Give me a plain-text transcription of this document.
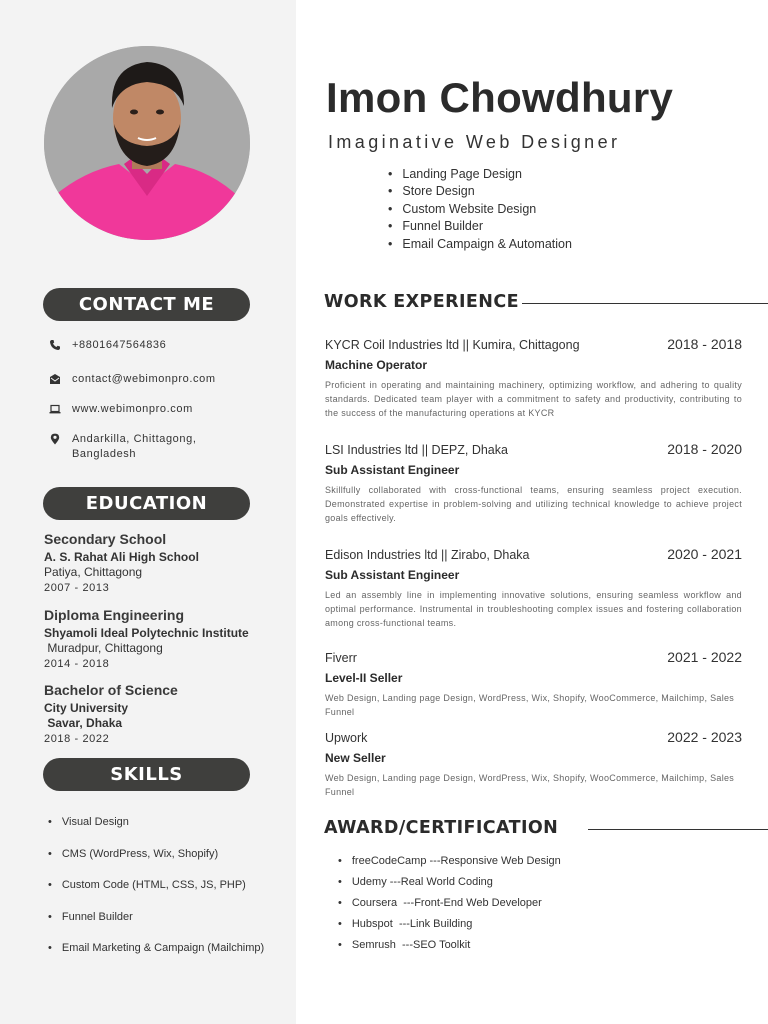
CONTACT ME
+8801647564836
contact@webimonpro.com
www.webimonpro.com
Andarkilla, Chittagong,
Bangladesh
EDUCATION
Secondary School
A. S. Rahat Ali High School
Patiya, Chittagong
2007 - 2013
Diploma Engineering
Shyamoli Ideal Polytechnic Institute
Muradpur, Chittagong
2014 - 2018
Bachelor of Science
City University
Savar, Dhaka
2018 - 2022
SKILLS
• Visual Design
• CMS (WordPress, Wix, Shopify)
• Custom Code (HTML, CSS, JS, PHP)
• Funnel Builder
• Email Marketing & Campaign (Mailchimp)
Imon Chowdhury
Imaginative Web Designer
• Landing Page Design
• Store Design
• Custom Website Design
• Funnel Builder
• Email Campaign & Automation
WORK EXPERIENCE
KYCR Coil Industries ltd || Kumira, Chittagong	2018 - 2018
Machine Operator
Proficient in operating and maintaining machinery, optimizing workflow, and adhering to quality standards. Dedicated team player with a commitment to safety and productivity, contributing to the success of the manufacturing operations at KYCR
LSI Industries ltd || DEPZ, Dhaka	2018 - 2020
Sub Assistant Engineer
Skillfully collaborated with cross-functional teams, ensuring seamless project execution. Demonstrated expertise in problem-solving and utilizing technical knowledge to achieve project goals effectively.
Edison Industries ltd || Zirabo, Dhaka	2020 - 2021
Sub Assistant Engineer
Led an assembly line in implementing innovative solutions, ensuring seamless workflow and optimal performance. Instrumental in troubleshooting complex issues and fostering collaboration among cross-functional teams.
Fiverr	2021 - 2022
Level-II Seller
Web Design, Landing page Design, WordPress, Wix, Shopify, WooCommerce, Mailchimp, Sales Funnel
Upwork	2022 - 2023
New Seller
Web Design, Landing page Design, WordPress, Wix, Shopify, WooCommerce, Mailchimp, Sales Funnel
AWARD/CERTIFICATION
• freeCodeCamp ---Responsive Web Design
• Udemy ---Real World Coding
• Coursera  ---Front-End Web Developer
• Hubspot  ---Link Building
• Semrush  ---SEO Toolkit
